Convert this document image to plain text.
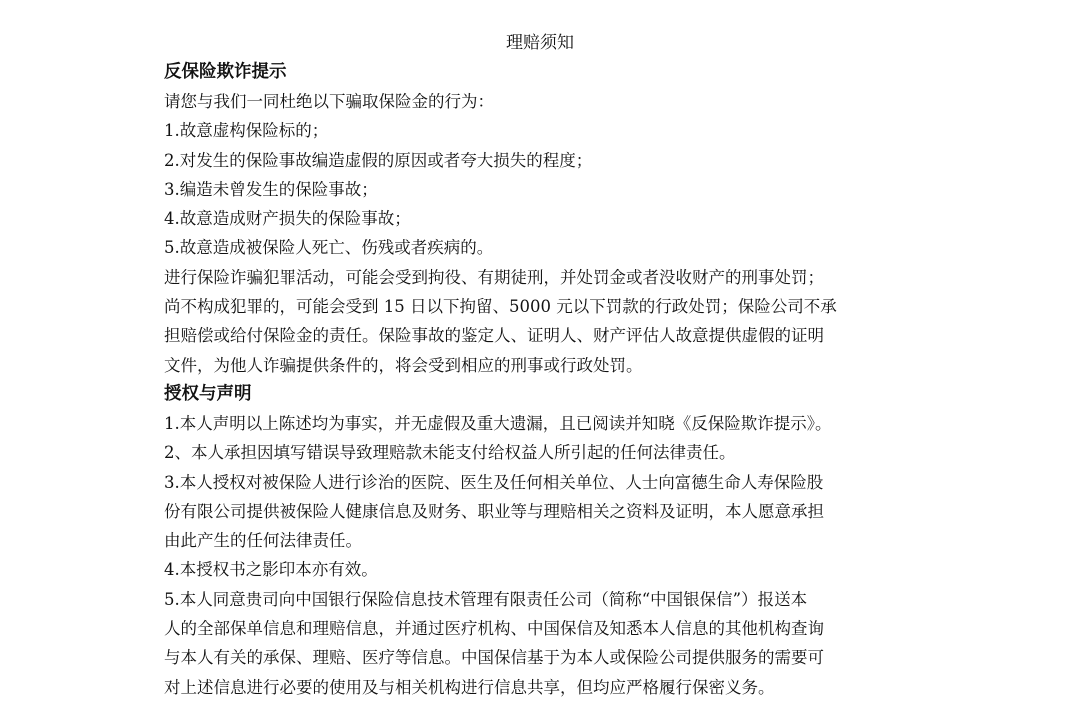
理赔须知
反保险欺诈提示
请您与我们一同杜绝以下骗取保险金的行为：
1.故意虚构保险标的；
2.对发生的保险事故编造虚假的原因或者夸大损失的程度；
3.编造未曾发生的保险事故；
4.故意造成财产损失的保险事故；
5.故意造成被保险人死亡、伤残或者疾病的。
进行保险诈骗犯罪活动，可能会受到拘役、有期徒刑，并处罚金或者没收财产的刑事处罚；
尚不构成犯罪的，可能会受到 15 日以下拘留、5000 元以下罚款的行政处罚；保险公司不承
担赔偿或给付保险金的责任。保险事故的鉴定人、证明人、财产评估人故意提供虚假的证明
文件，为他人诈骗提供条件的，将会受到相应的刑事或行政处罚。
授权与声明
1.本人声明以上陈述均为事实，并无虚假及重大遗漏，且已阅读并知晓《反保险欺诈提示》。
2、本人承担因填写错误导致理赔款未能支付给权益人所引起的任何法律责任。
3.本人授权对被保险人进行诊治的医院、医生及任何相关单位、人士向富德生命人寿保险股
份有限公司提供被保险人健康信息及财务、职业等与理赔相关之资料及证明，本人愿意承担
由此产生的任何法律责任。
4.本授权书之影印本亦有效。
5.本人同意贵司向中国银行保险信息技术管理有限责任公司（简称“中国银保信”）报送本
人的全部保单信息和理赔信息，并通过医疗机构、中国保信及知悉本人信息的其他机构查询
与本人有关的承保、理赔、医疗等信息。中国保信基于为本人或保险公司提供服务的需要可
对上述信息进行必要的使用及与相关机构进行信息共享，但均应严格履行保密义务。
